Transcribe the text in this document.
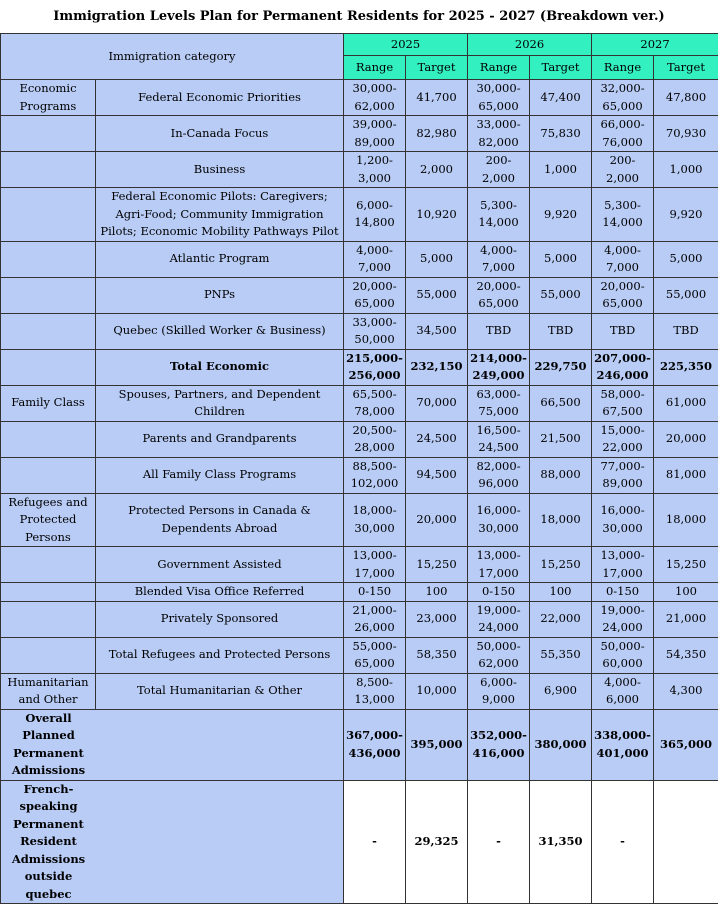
Immigration Levels Plan for Permanent Residents for 2025 - 2027 (Breakdown ver.)
Immigration category		2025		2026		2027	
		Range	Target	Range	Target	Range	Target
Economic Programs	Federal Economic Priorities	30,000-62,000	41,700	30,000-65,000	47,400	32,000-65,000	47,800
	In-Canada Focus	39,000-89,000	82,980	33,000-82,000	75,830	66,000-76,000	70,930
	Business	1,200-3,000	2,000	200-2,000	1,000	200-2,000	1,000
	Federal Economic Pilots: Caregivers; Agri-Food; Community Immigration Pilots; Economic Mobility Pathways Pilot	6,000-14,800	10,920	5,300-14,000	9,920	5,300-14,000	9,920
	Atlantic Program	4,000-7,000	5,000	4,000-7,000	5,000	4,000-7,000	5,000
	PNPs	20,000-65,000	55,000	20,000-65,000	55,000	20,000-65,000	55,000
	Quebec (Skilled Worker & Business)	33,000-50,000	34,500	TBD	TBD	TBD	TBD
	Total Economic	215,000-256,000	232,150	214,000-249,000	229,750	207,000-246,000	225,350
Family Class	Spouses, Partners, and Dependent Children	65,500-78,000	70,000	63,000-75,000	66,500	58,000-67,500	61,000
	Parents and Grandparents	20,500-28,000	24,500	16,500-24,500	21,500	15,000-22,000	20,000
	All Family Class Programs	88,500-102,000	94,500	82,000-96,000	88,000	77,000-89,000	81,000
Refugees and Protected Persons	Protected Persons in Canada & Dependents Abroad	18,000-30,000	20,000	16,000-30,000	18,000	16,000-30,000	18,000
	Government Assisted	13,000-17,000	15,250	13,000-17,000	15,250	13,000-17,000	15,250
	Blended Visa Office Referred	0-150	100	0-150	100	0-150	100
	Privately Sponsored	21,000-26,000	23,000	19,000-24,000	22,000	19,000-24,000	21,000
	Total Refugees and Protected Persons	55,000-65,000	58,350	50,000-62,000	55,350	50,000-60,000	54,350
Humanitarian and Other	Total Humanitarian & Other	8,500-13,000	10,000	6,000-9,000	6,900	4,000-6,000	4,300

Overall Planned Permanent Admissions		367,000-436,000	395,000	352,000-416,000	380,000	338,000-401,000	365,000

French-speaking Permanent Resident Admissions outside quebec		-	29,325	-	31,350	-	
